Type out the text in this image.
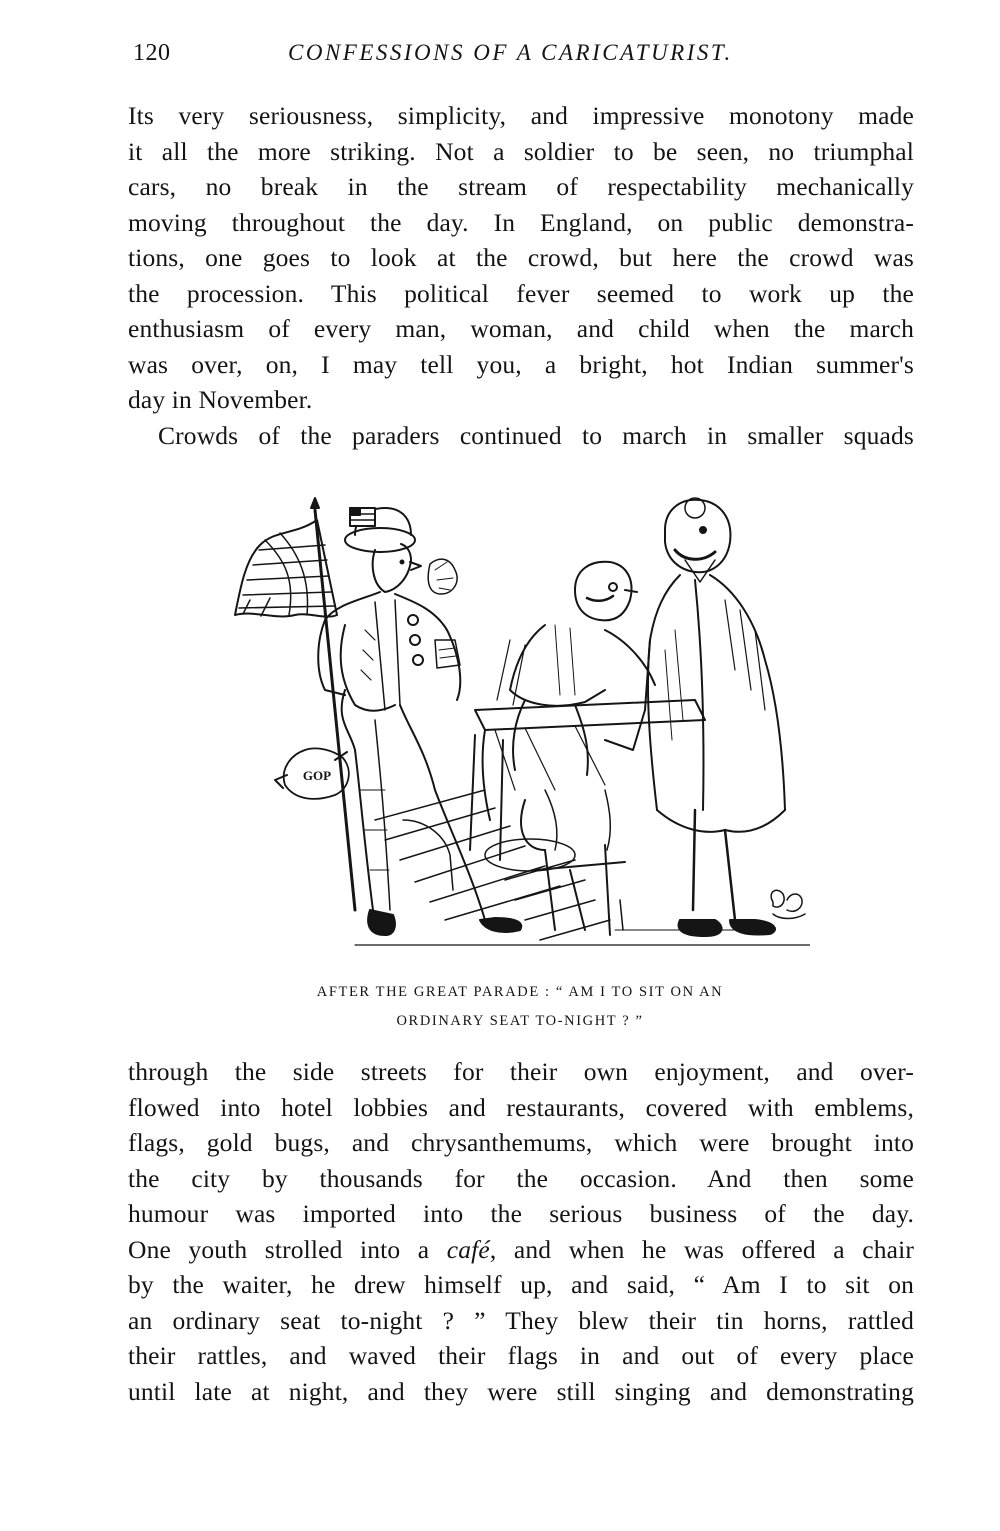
120	CONFESSIONS OF A CARICATURIST.
Its very seriousness, simplicity, and impressive monotony made
it all the more striking. Not a soldier to be seen, no triumphal
cars, no break in the stream of respectability mechanically
moving throughout the day. In England, on public demonstra-
tions, one goes to look at the crowd, but here the crowd was
the procession. This political fever seemed to work up the
enthusiasm of every man, woman, and child when the march
was over, on, I may tell you, a bright, hot Indian summer's
day in November.
Crowds of the paraders continued to march in smaller squads
GOP
AFTER THE GREAT PARADE : “ AM I TO SIT ON AN
ORDINARY SEAT TO-NIGHT ? ”
through the side streets for their own enjoyment, and over-
flowed into hotel lobbies and restaurants, covered with emblems,
flags, gold bugs, and chrysanthemums, which were brought into
the city by thousands for the occasion. And then some
humour was imported into the serious business of the day.
One youth strolled into a café, and when he was offered a chair
by the waiter, he drew himself up, and said, “ Am I to sit on
an ordinary seat to-night ? ” They blew their tin horns, rattled
their rattles, and waved their flags in and out of every place
until late at night, and they were still singing and demonstrating
